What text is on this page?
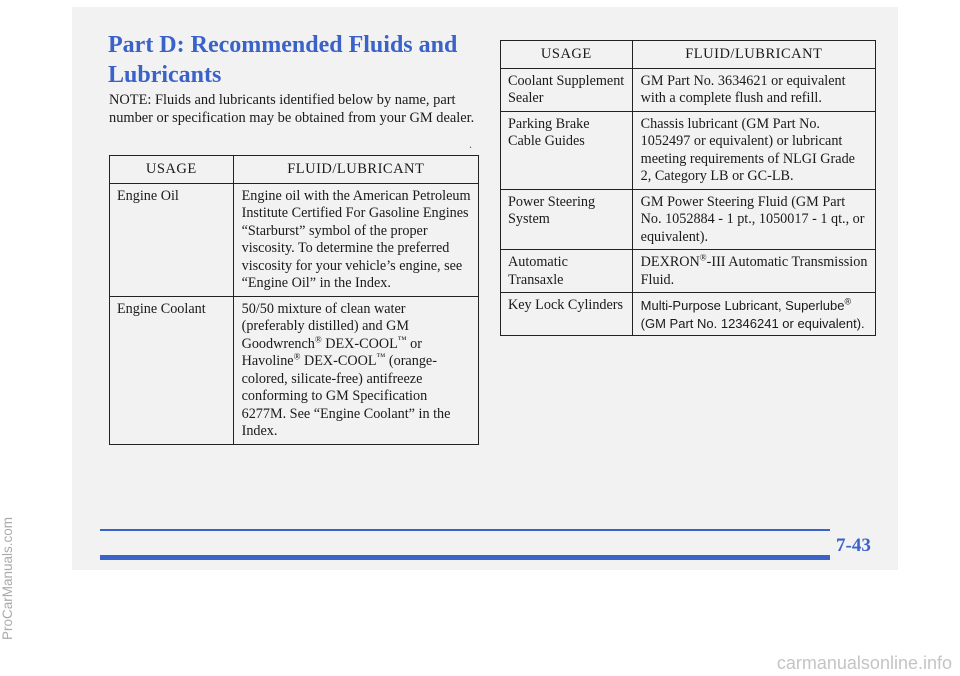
Part D: Recommended Fluids and Lubricants

NOTE: Fluids and lubricants identified below by name, part number or specification may be obtained from your GM dealer.

.
USAGE	FLUID/LUBRICANT
Engine Oil	Engine oil with the American Petroleum Institute Certified For Gasoline Engines “Starburst” symbol of the proper viscosity. To determine the preferred viscosity for your vehicle’s engine, see “Engine Oil” in the Index.
Engine Coolant	50/50 mixture of clean water (preferably distilled) and GM Goodwrench® DEX-COOL™ or Havoline® DEX-COOL™ (orange-colored, silicate-free) antifreeze conforming to GM Specification 6277M. See “Engine Coolant” in the Index.
USAGE	FLUID/LUBRICANT
Coolant Supplement Sealer	GM Part No. 3634621 or equivalent with a complete flush and refill.
Parking Brake Cable Guides	Chassis lubricant (GM Part No. 1052497 or equivalent) or lubricant meeting requirements of NLGI Grade 2, Category LB or GC-LB.
Power Steering System	GM Power Steering Fluid (GM Part No. 1052884 - 1 pt., 1050017 - 1 qt., or equivalent).
Automatic Transaxle	DEXRON®-III Automatic Transmission Fluid.
Key Lock Cylinders	Multi-Purpose Lubricant, Superlube® (GM Part No. 12346241 or equivalent).

7-43

ProCarManuals.com
carmanualsonline.info
